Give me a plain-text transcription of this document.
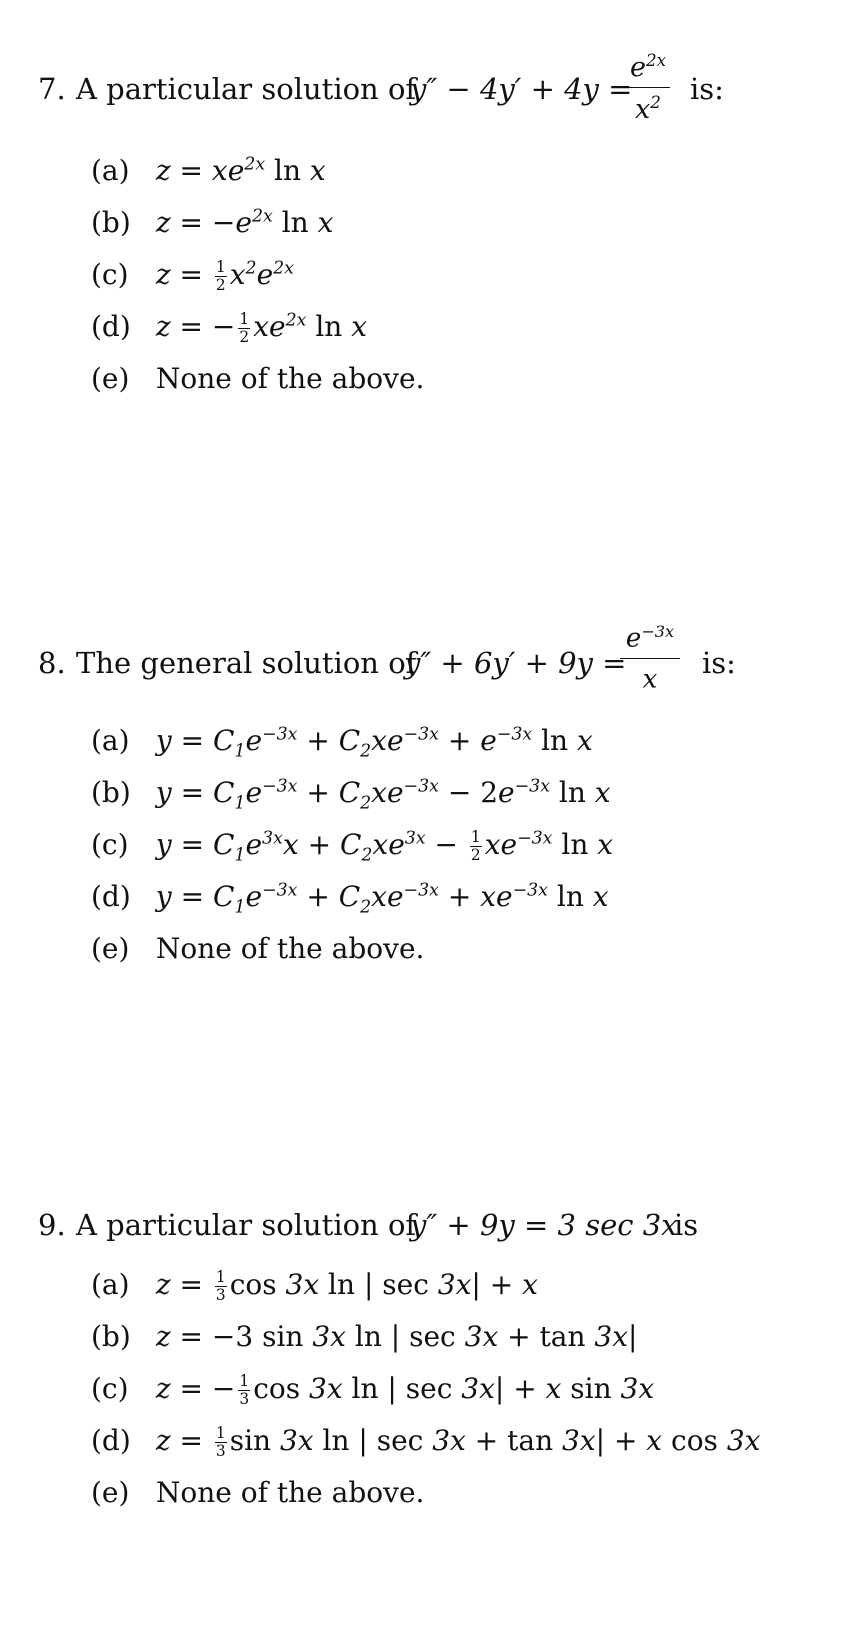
7. A particular solution of
y″ − 4y′ + 4y =
$e^{2x}$
$x^2$	is:
(a) $z = xe^{2x}$ ln x
(b) $z = -e^{2x}$ ln x
(c) $z = \frac{1}{2} x^2e^{2x}$
(d) z = − $\frac{1}{2} xe^{2x}$ ln x
(e) None of the above.
8. The general solution of
y″ + 6y′ + 9y =
$e^{-3x}$
x	is:
(a) $y = C_1e^{-3x} + C_2xe^{-3x} + e^{-3x}$ ln x
(b) $y = C_1e^{-3x} + C_2xe^{-3x} - 2e^{-3x}$ ln x
(c) $y = C_1e^{3x}x + C_2xe^{3x} - \frac{1}{2} xe^{-3x}$ ln x
(d) $y = C_1e^{-3x} + C_2xe^{-3x} + xe^{-3x}$ ln x
(e) None of the above.
9. A particular solution of
y″ + 9y = 3 sec 3x
is
(a) $z = \frac{1}{3}$ cos 3x ln | sec 3x| + x
(b) z = −3 sin 3x ln | sec 3x + tan 3x|
(c) z = − $\frac{1}{3}$ cos 3x ln | sec 3x| + x sin 3x
(d) $z = \frac{1}{3}$ sin 3x ln | sec 3x + tan 3x| + x cos 3x
(e) None of the above.
